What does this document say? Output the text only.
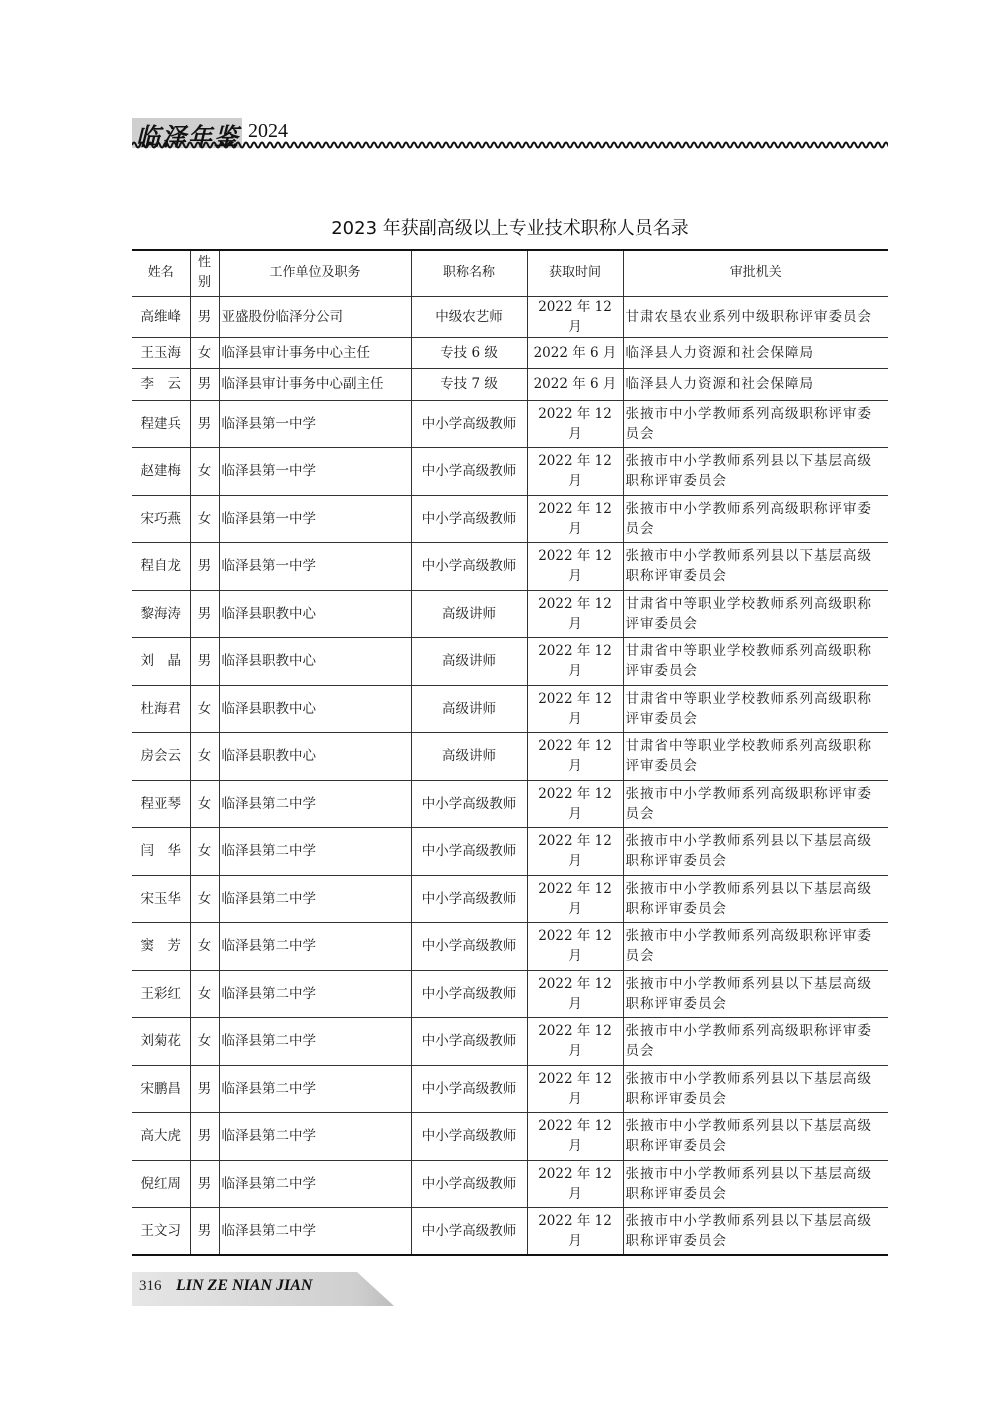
临泽年鉴 2024
2023 年获副高级以上专业技术职称人员名录
姓名	性别	工作单位及职务	职称名称	获取时间	审批机关
高维峰	男	亚盛股份临泽分公司	中级农艺师	2022 年 12 月	甘肃农垦农业系列中级职称评审委员会
王玉海	女	临泽县审计事务中心主任	专技 6 级	2022 年 6 月	临泽县人力资源和社会保障局
李　云	男	临泽县审计事务中心副主任	专技 7 级	2022 年 6 月	临泽县人力资源和社会保障局
程建兵	男	临泽县第一中学	中小学高级教师	2022 年 12 月	张掖市中小学教师系列高级职称评审委员会
赵建梅	女	临泽县第一中学	中小学高级教师	2022 年 12 月	张掖市中小学教师系列县以下基层高级职称评审委员会
宋巧燕	女	临泽县第一中学	中小学高级教师	2022 年 12 月	张掖市中小学教师系列高级职称评审委员会
程自龙	男	临泽县第一中学	中小学高级教师	2022 年 12 月	张掖市中小学教师系列县以下基层高级职称评审委员会
黎海涛	男	临泽县职教中心	高级讲师	2022 年 12 月	甘肃省中等职业学校教师系列高级职称评审委员会
刘　晶	男	临泽县职教中心	高级讲师	2022 年 12 月	甘肃省中等职业学校教师系列高级职称评审委员会
杜海君	女	临泽县职教中心	高级讲师	2022 年 12 月	甘肃省中等职业学校教师系列高级职称评审委员会
房会云	女	临泽县职教中心	高级讲师	2022 年 12 月	甘肃省中等职业学校教师系列高级职称评审委员会
程亚琴	女	临泽县第二中学	中小学高级教师	2022 年 12 月	张掖市中小学教师系列高级职称评审委员会
闫　华	女	临泽县第二中学	中小学高级教师	2022 年 12 月	张掖市中小学教师系列县以下基层高级职称评审委员会
宋玉华	女	临泽县第二中学	中小学高级教师	2022 年 12 月	张掖市中小学教师系列县以下基层高级职称评审委员会
窦　芳	女	临泽县第二中学	中小学高级教师	2022 年 12 月	张掖市中小学教师系列高级职称评审委员会
王彩红	女	临泽县第二中学	中小学高级教师	2022 年 12 月	张掖市中小学教师系列县以下基层高级职称评审委员会
刘菊花	女	临泽县第二中学	中小学高级教师	2022 年 12 月	张掖市中小学教师系列高级职称评审委员会
宋鹏昌	男	临泽县第二中学	中小学高级教师	2022 年 12 月	张掖市中小学教师系列县以下基层高级职称评审委员会
高大虎	男	临泽县第二中学	中小学高级教师	2022 年 12 月	张掖市中小学教师系列县以下基层高级职称评审委员会
倪红周	男	临泽县第二中学	中小学高级教师	2022 年 12 月	张掖市中小学教师系列县以下基层高级职称评审委员会
王文习	男	临泽县第二中学	中小学高级教师	2022 年 12 月	张掖市中小学教师系列县以下基层高级职称评审委员会
316 LIN ZE NIAN JIAN
